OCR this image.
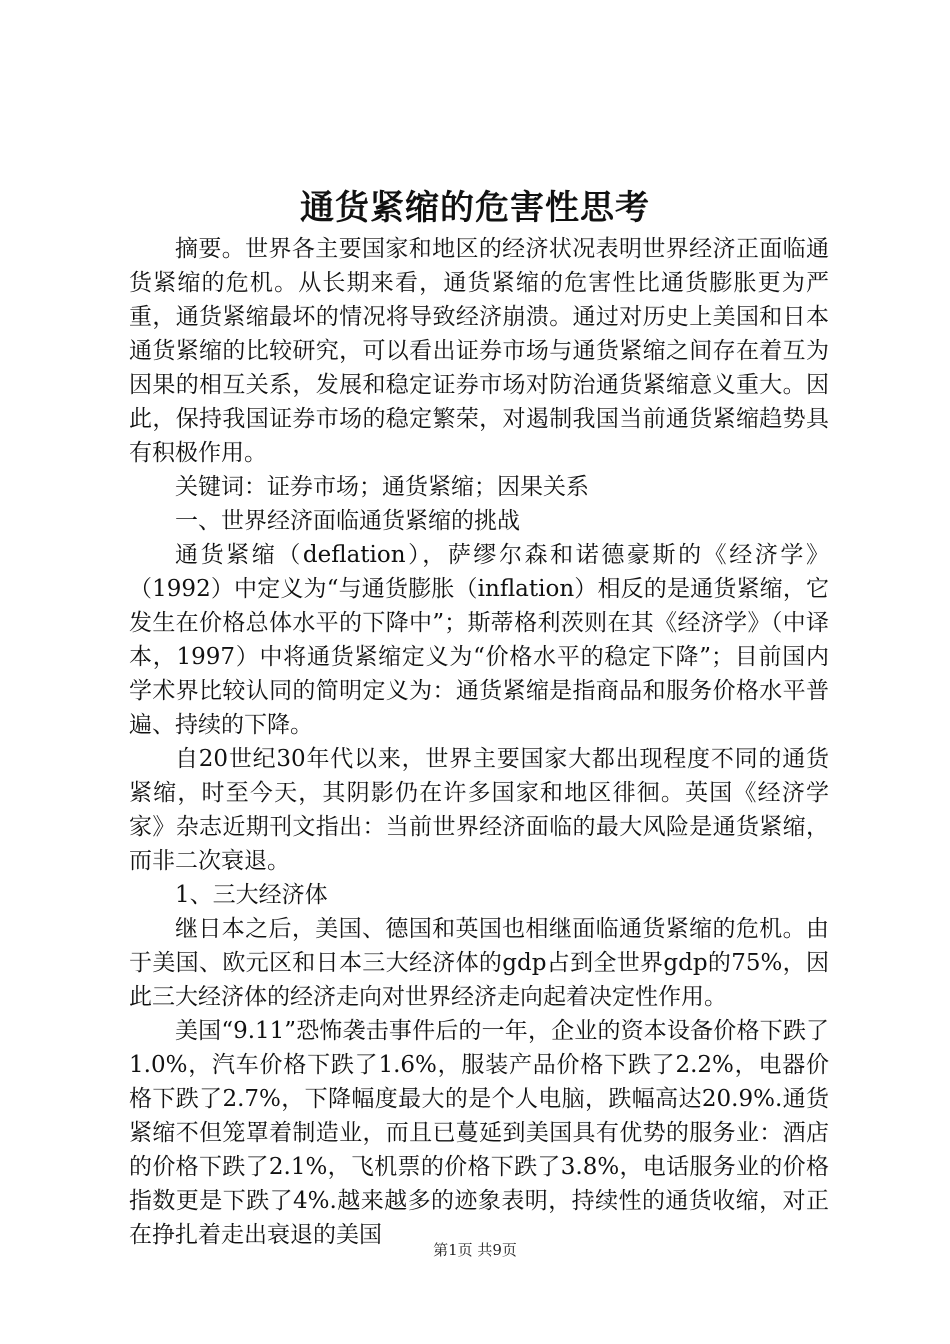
通货紧缩的危害性思考

摘要。世界各主要国家和地区的经济状况表明世界经济正面临通货紧缩的危机。从长期来看，通货紧缩的危害性比通货膨胀更为严重，通货紧缩最坏的情况将导致经济崩溃。通过对历史上美国和日本通货紧缩的比较研究，可以看出证券市场与通货紧缩之间存在着互为因果的相互关系，发展和稳定证券市场对防治通货紧缩意义重大。因此，保持我国证券市场的稳定繁荣，对遏制我国当前通货紧缩趋势具有积极作用。

关键词：证券市场；通货紧缩；因果关系

一、世界经济面临通货紧缩的挑战

通货紧缩（deflation），萨缪尔森和诺德豪斯的《经济学》（1992）中定义为“与通货膨胀（inflation）相反的是通货紧缩，它发生在价格总体水平的下降中”；斯蒂格利茨则在其《经济学》（中译本，1997）中将通货紧缩定义为“价格水平的稳定下降”；目前国内学术界比较认同的简明定义为：通货紧缩是指商品和服务价格水平普遍、持续的下降。

自20世纪30年代以来，世界主要国家大都出现程度不同的通货紧缩，时至今天，其阴影仍在许多国家和地区徘徊。英国《经济学家》杂志近期刊文指出：当前世界经济面临的最大风险是通货紧缩，而非二次衰退。

1、三大经济体

继日本之后，美国、德国和英国也相继面临通货紧缩的危机。由于美国、欧元区和日本三大经济体的gdp占到全世界gdp的75%，因此三大经济体的经济走向对世界经济走向起着决定性作用。

美国“9.11”恐怖袭击事件后的一年，企业的资本设备价格下跌了1.0%，汽车价格下跌了1.6%，服装产品价格下跌了2.2%，电器价格下跌了2.7%，下降幅度最大的是个人电脑，跌幅高达20.9%.通货紧缩不但笼罩着制造业，而且已蔓延到美国具有优势的服务业：酒店的价格下跌了2.1%，飞机票的价格下跌了3.8%，电话服务业的价格指数更是下跌了4%.越来越多的迹象表明，持续性的通货收缩，对正在挣扎着走出衰退的美国

第1页 共9页
